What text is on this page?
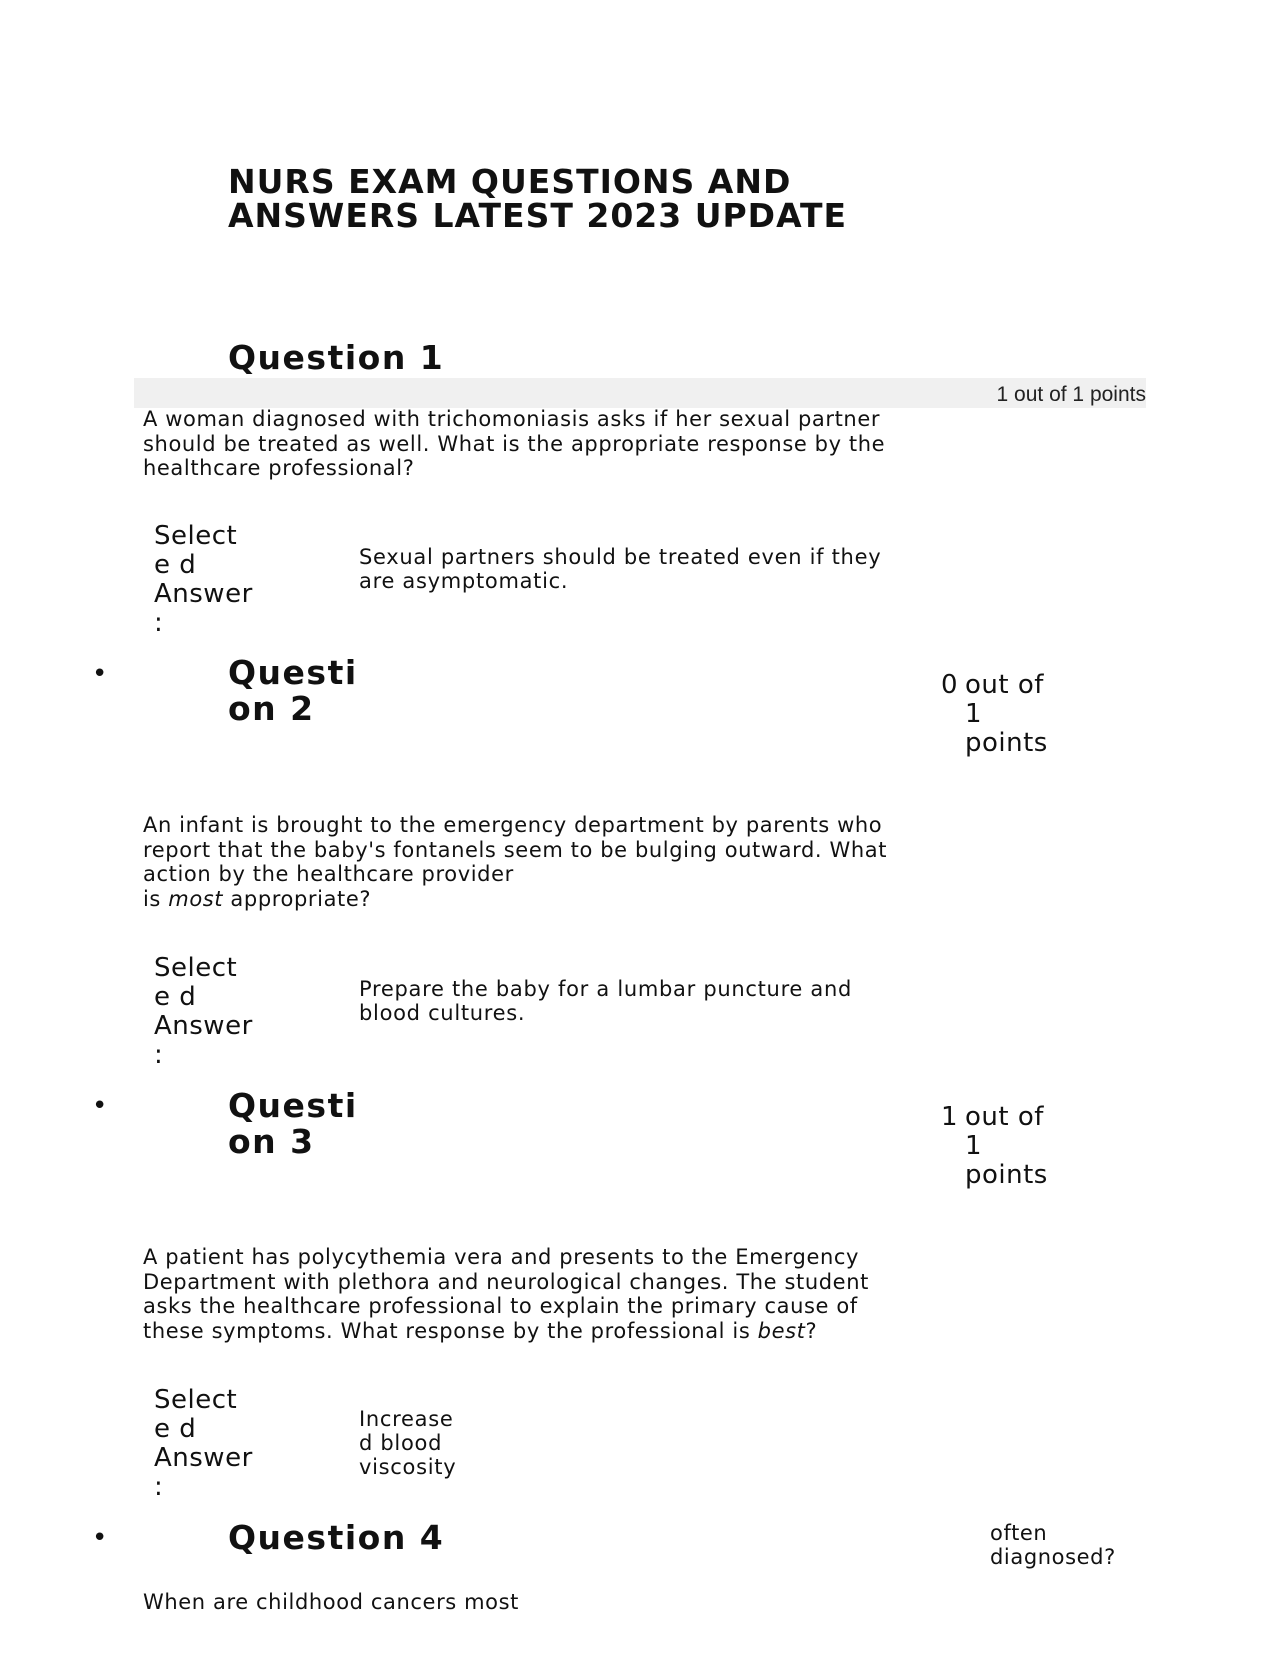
NURS EXAM QUESTIONS AND
ANSWERS LATEST 2023 UPDATE
Question 1
1 out of 1 points

A woman diagnosed with trichomoniasis asks if her sexual partner
should be treated as well. What is the appropriate response by the
healthcare professional?

Select
e d
Answer
:
Sexual partners should be treated even if they
are asymptomatic.
•	Questi
on 2
0 out of
1
points

An infant is brought to the emergency department by parents who
report that the baby's fontanels seem to be bulging outward. What
action by the healthcare provider
is most appropriate?

Select
e d
Answer
:
Prepare the baby for a lumbar puncture and
blood cultures.
•	Questi
on 3
1 out of
1
points

A patient has polycythemia vera and presents to the Emergency
Department with plethora and neurological changes. The student
asks the healthcare professional to explain the primary cause of
these symptoms. What response by the professional is best?

Select
e d
Answer
:
Increase
d blood
viscosity
•	Question 4	often
diagnosed?

When are childhood cancers most
